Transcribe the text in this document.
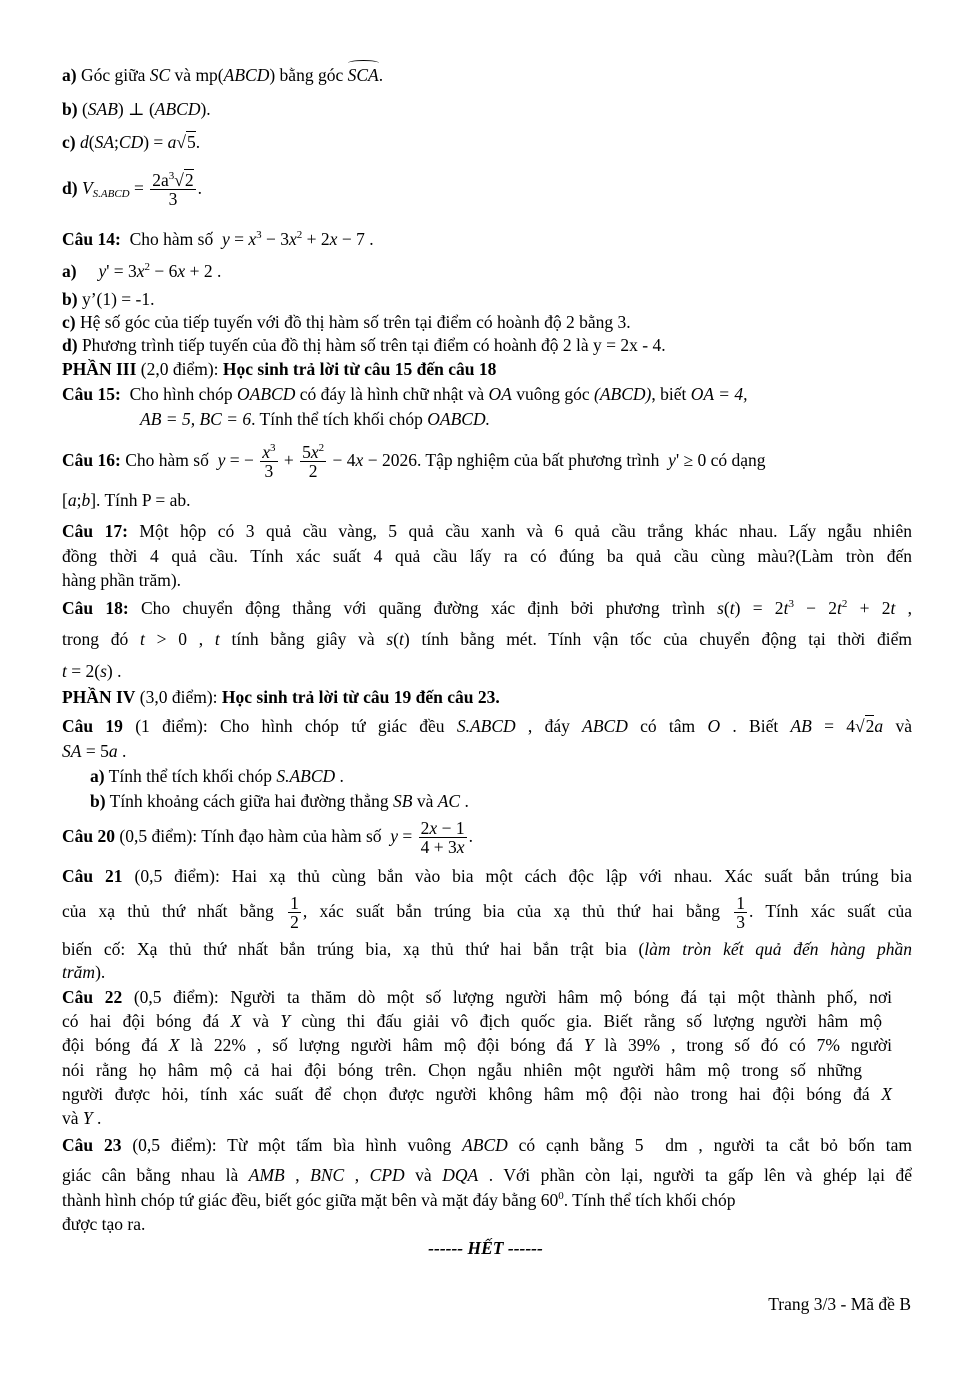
a) Góc giữa SC và mp(ABCD) bằng góc SCA.
b) (SAB) ⊥ (ABCD).
c) d(SA;CD) = a√5.
d) $V_{S.ABCD} = \frac{2a^3√2}{3}$ .
Câu 14:  Cho hàm số  $y = x^3 - 3x^2 + 2x - 7$ .
a) $y' = 3x^2 - 6x + 2$ .
b) y’(1) = -1.
c) Hệ số góc của tiếp tuyến với đồ thị hàm số trên tại điểm có hoành độ 2 bằng 3.
d) Phương trình tiếp tuyến của đồ thị hàm số trên tại điểm có hoành độ 2 là y = 2x - 4.
PHẦN III (2,0 điểm): Học sinh trả lời từ câu 15 đến câu 18
Câu 15:  Cho hình chóp OABCD có đáy là hình chữ nhật và OA vuông góc (ABCD), biết OA = 4,
AB = 5, BC = 6. Tính thể tích khối chóp OABCD.
Câu 16: Cho hàm số y = − $\frac{x^3}{3} + \frac{5x^2}{2} - 4x - 2026$. Tập nghiệm của bất phương trình y' ≥ 0 có dạng
[a;b]. Tính P = ab.
Câu 17: Một hộp có 3 quả cầu vàng, 5 quả cầu xanh và 6 quả cầu trắng khác nhau. Lấy ngẫu nhiên
đồng thời 4 quả cầu. Tính xác suất 4 quả cầu lấy ra có đúng ba quả cầu cùng màu?(Làm tròn đến
hàng phần trăm).
Câu 18: Cho chuyển động thẳng với quãng đường xác định bởi phương trình $s(t) = 2t^3 - 2t^2 + 2t$ ,
trong đó t > 0 , t tính bằng giây và s(t) tính bằng mét. Tính vận tốc của chuyển động tại thời điểm
t = 2(s) .
PHẦN IV (3,0 điểm): Học sinh trả lời từ câu 19 đến câu 23.
Câu 19 (1 điểm): Cho hình chóp tứ giác đều S.ABCD , đáy ABCD có tâm O . Biết AB = 4√2a và
SA = 5a .
a) Tính thể tích khối chóp S.ABCD .
b) Tính khoảng cách giữa hai đường thẳng SB và AC .
Câu 20 (0,5 điểm): Tính đạo hàm của hàm số  $y = \frac{2x - 1}{4 + 3x}$ .
Câu 21 (0,5 điểm): Hai xạ thủ cùng bắn vào bia một cách độc lập với nhau. Xác suất bắn trúng bia
của xạ thủ thứ nhất bằng $\frac{1}{2}$ , xác suất bắn trúng bia của xạ thủ thứ hai bằng $\frac{1}{3}$ . Tính xác suất của
biến cố: Xạ thủ thứ nhất bắn trúng bia, xạ thủ thứ hai bắn trật bia (làm tròn kết quả đến hàng phần
trăm).
Câu 22 (0,5 điểm): Người ta thăm dò một số lượng người hâm mộ bóng đá tại một thành phố, nơi
có hai đội bóng đá X và Y cùng thi đấu giải vô địch quốc gia. Biết rằng số lượng người hâm mộ
đội bóng đá X là 22% , số lượng người hâm mộ đội bóng đá Y là 39% , trong số đó có 7% người
nói rằng họ hâm mộ cả hai đội bóng trên. Chọn ngẫu nhiên một người hâm mộ trong số những
người được hỏi, tính xác suất để chọn được người không hâm mộ đội nào trong hai đội bóng đá X
và Y .
Câu 23 (0,5 điểm): Từ một tấm bìa hình vuông ABCD có cạnh bằng 5  dm , người ta cắt bỏ bốn tam
giác cân bằng nhau là AMB , BNC , CPD và DQA . Với phần còn lại, người ta gấp lên và ghép lại để
thành hình chóp tứ giác đều, biết góc giữa mặt bên và mặt đáy bằng $60^0$. Tính thể tích khối chóp
được tạo ra.
------ HẾT ------
Trang 3/3 - Mã đề B
